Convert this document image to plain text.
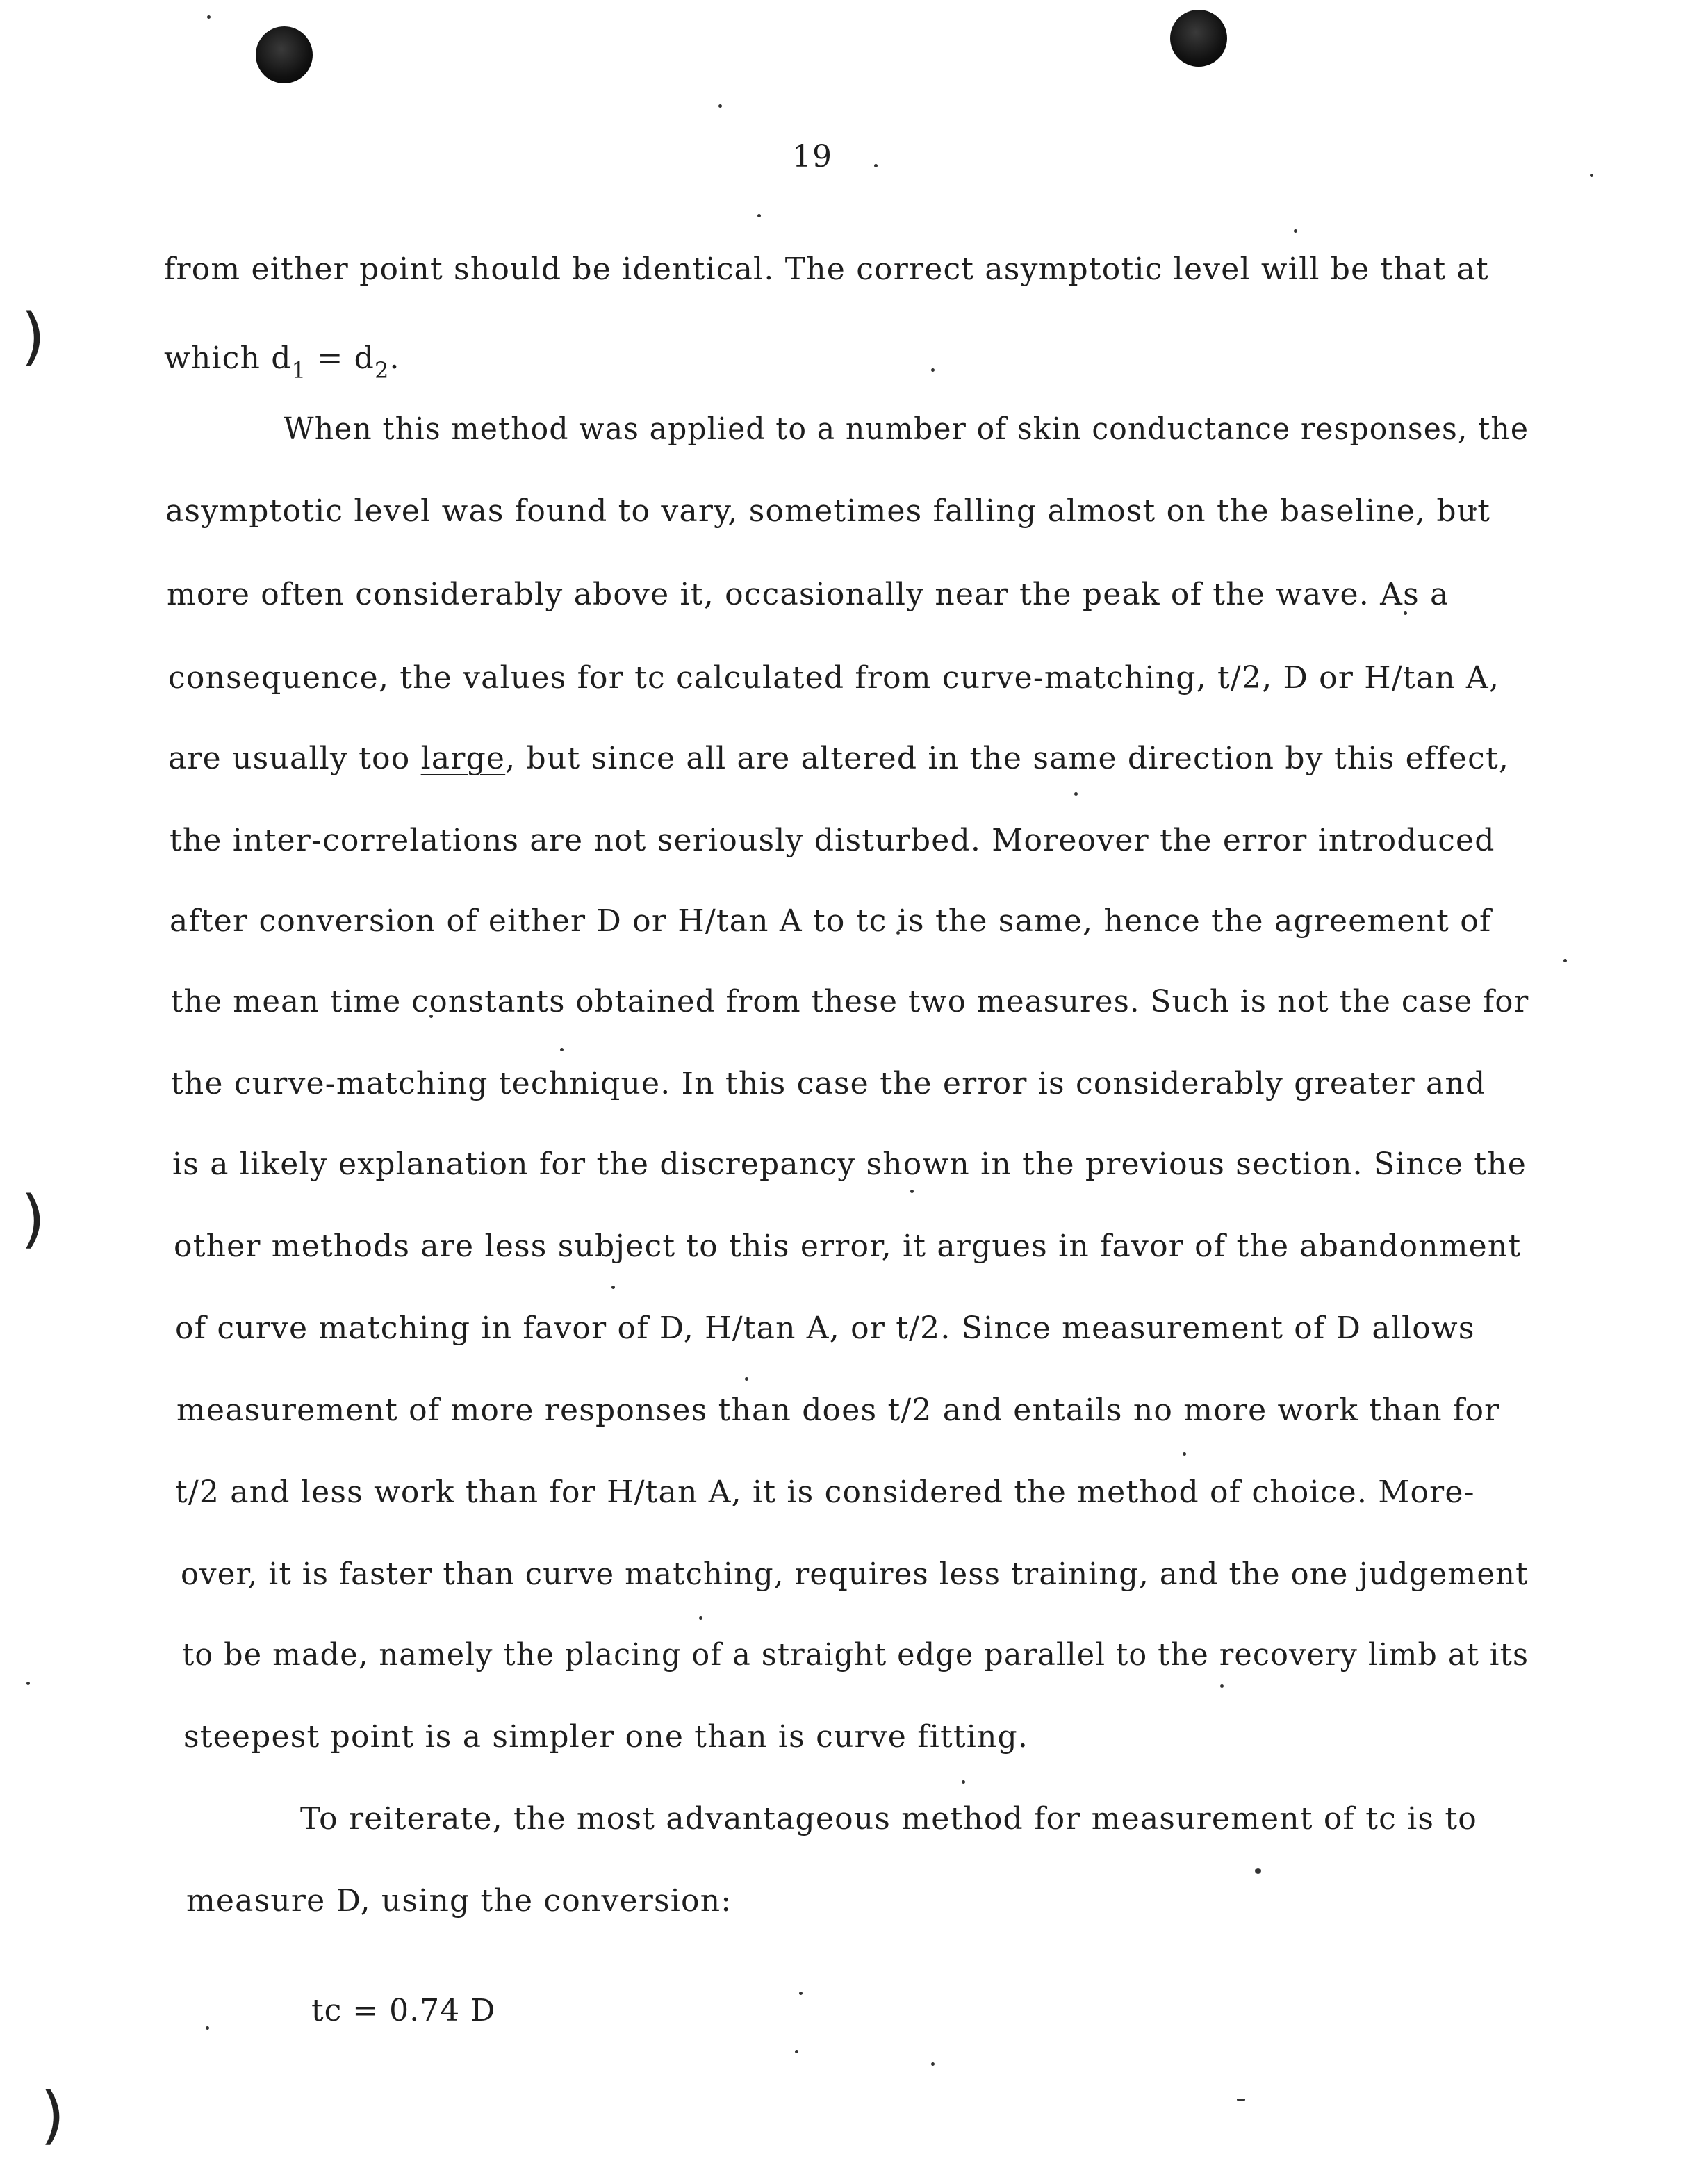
)
)
)
19
from either point should be identical. The correct asymptotic level will be that at
which $d_1 = d_2$.
When this method was applied to a number of skin conductance responses, the
asymptotic level was found to vary, sometimes falling almost on the baseline, but
more often considerably above it, occasionally near the peak of the wave. As a
consequence, the values for tc calculated from curve-matching, t/2, D or H/tan A,
are usually too large, but since all are altered in the same direction by this effect,
the inter-correlations are not seriously disturbed. Moreover the error introduced
after conversion of either D or H/tan A to tc is the same, hence the agreement of
the mean time constants obtained from these two measures. Such is not the case for
the curve-matching technique. In this case the error is considerably greater and
is a likely explanation for the discrepancy shown in the previous section. Since the
other methods are less subject to this error, it argues in favor of the abandonment
of curve matching in favor of D, H/tan A, or t/2. Since measurement of D allows
measurement of more responses than does t/2 and entails no more work than for
t/2 and less work than for H/tan A, it is considered the method of choice. More-
over, it is faster than curve matching, requires less training, and the one judgement
to be made, namely the placing of a straight edge parallel to the recovery limb at its
steepest point is a simpler one than is curve fitting.
To reiterate, the most advantageous method for measurement of tc is to
measure D, using the conversion:
tc = 0.74 D
